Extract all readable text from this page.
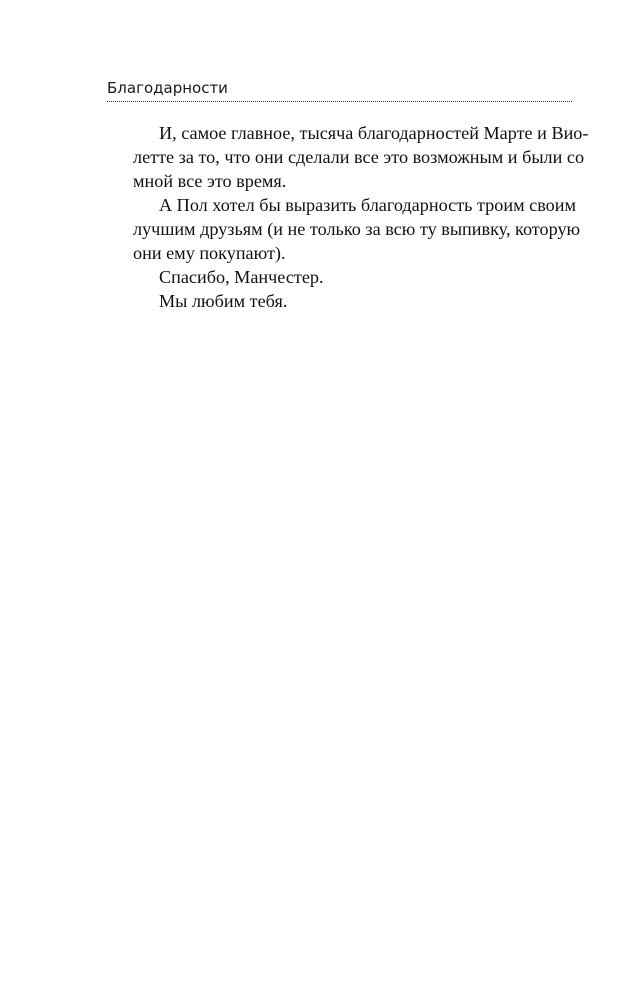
Благодарности
И, самое главное, тысяча благодарностей Марте и Вио-
летте за то, что они сделали все это возможным и были со
мной все это время.
А Пол хотел бы выразить благодарность троим своим
лучшим друзьям (и не только за всю ту выпивку, которую
они ему покупают).
Спасибо, Манчестер.
Мы любим тебя.
